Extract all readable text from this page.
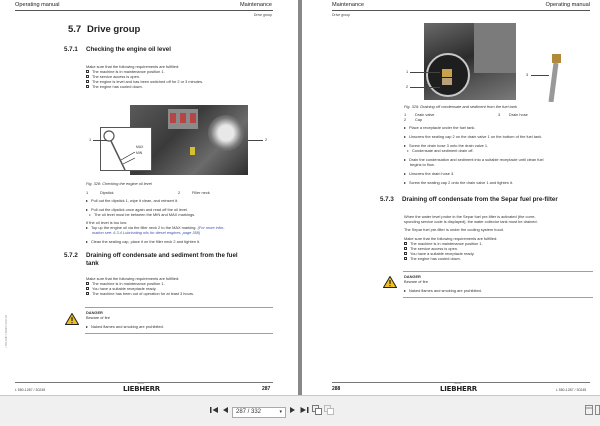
Operating manual	Maintenance
Drive group
5.7 Drive group
5.7.1 Checking the engine oil level
Make sure that the following requirements are fulfilled:
The machine is in maintenance position 1.
The service access is open.
The engine is level and has been switched off for 2 or 3 minutes.
The engine has cooled down.
MAX
MIN
1	2
Fig. 328: Checking the engine oil level
1	Dipstick	2	Filler neck
Pull out the dipstick 1, wipe it clean, and reinsert it.
Pull out the dipstick once again and read off the oil level.
The oil level must be between the MIN and MAX markings.
If the oil level is too low:
Top up the engine oil via the filler neck 2 to the MAX marking. (For more infor-
mation see: 6.3.4 Lubricating oils for diesel engines, page 358)
Clean the sealing cap, place it on the filler neck 2 and tighten it.
5.7.2 Draining off condensate and sediment from the fuel
tank
Make sure that the following requirements are fulfilled:
The machine is in maintenance position 1.
You have a suitable receptacle ready.
The machine has been out of operation for at least 3 hours.
DANGER
Beware of fire
Naked flames and smoking are prohibited.
L 550-1287 / 30245 / 2017-03
L 550-1287 / 30245
Liebherr
LIEBHERR	287
Maintenance	Operating manual
Drive group
1
2
3
Fig. 329: Draining off condensate and sediment from the fuel tank
1 Drain valve	3 Drain hose
2 Cap
Place a receptacle under the fuel tank.
Unscrew the sealing cap 2 on the drain valve 1 on the bottom of the fuel tank.
Screw the drain hose 3 onto the drain valve 1.
Condensate and sediment drain off.
Drain the condensation and sediment into a suitable receptacle until clean fuel
begins to flow.
Unscrew the drain hose 3.
Screw the sealing cap 2 onto the drain valve 1 and tighten it.
5.7.3 Draining off condensate from the Separ fuel pre-filter
When the water level probe in the Separ fuel pre-filter is activated (the corre-
sponding service code is displayed), the water collector tank must be drained.
The Separ fuel pre-filter is under the cooling system hood.
Make sure that the following requirements are fulfilled:
The machine is in maintenance position 1.
The service access is open.
You have a suitable receptacle ready.
The engine has cooled down.
DANGER
Beware of fire
Naked flames and smoking are prohibited.
288
Liebherr
LIEBHERR	L 550-1287 / 30245
287 / 332	▾
